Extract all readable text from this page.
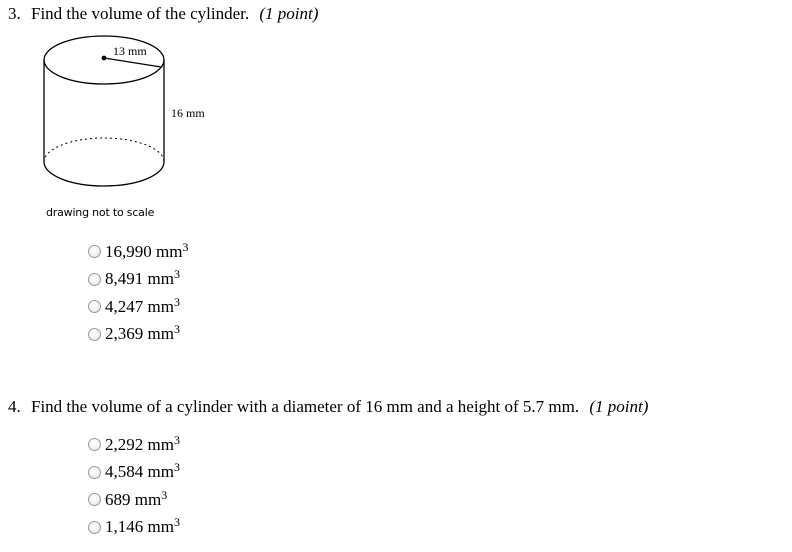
3. Find the volume of the cylinder. (1 point)
13 mm
16 mm
drawing not to scale
16,990 $mm^3$
8,491 $mm^3$
4,247 $mm^3$
2,369 $mm^3$
4. Find the volume of a cylinder with a diameter of 16 mm and a height of 5.7 mm. (1 point)
2,292 $mm^3$
4,584 $mm^3$
689 $mm^3$
1,146 $mm^3$
